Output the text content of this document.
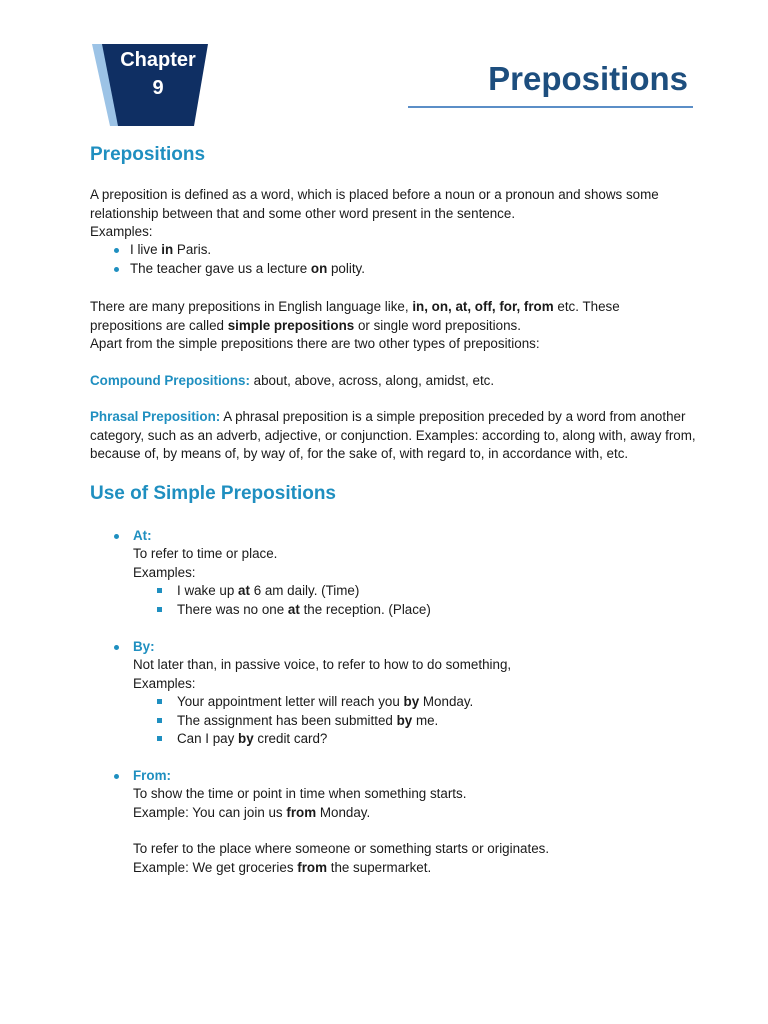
Chapter
9	Prepositions
Prepositions

A preposition is defined as a word, which is placed before a noun or a pronoun and shows some relationship between that and some other word present in the sentence.
Examples:

I live in Paris.
The teacher gave us a lecture on polity.

There are many prepositions in English language like, in, on, at, off, for, from etc. These
prepositions are called simple prepositions or single word prepositions.
Apart from the simple prepositions there are two other types of prepositions:

Compound Prepositions: about, above, across, along, amidst, etc.

Phrasal Preposition: A phrasal preposition is a simple preposition preceded by a word from another category, such as an adverb, adjective, or conjunction. Examples: according to, along with, away from, because of, by means of, by way of, for the sake of, with regard to, in accordance with, etc.

Use of Simple Prepositions
At:

To refer to time or place.
Examples:

I wake up at 6 am daily. (Time)
There was no one at the reception. (Place)
By:

Not later than, in passive voice, to refer to how to do something,
Examples:

Your appointment letter will reach you by Monday.
The assignment has been submitted by me.
Can I pay by credit card?
From:

To show the time or point in time when something starts.
Example: You can join us from Monday.

To refer to the place where someone or something starts or originates.
Example: We get groceries from the supermarket.
